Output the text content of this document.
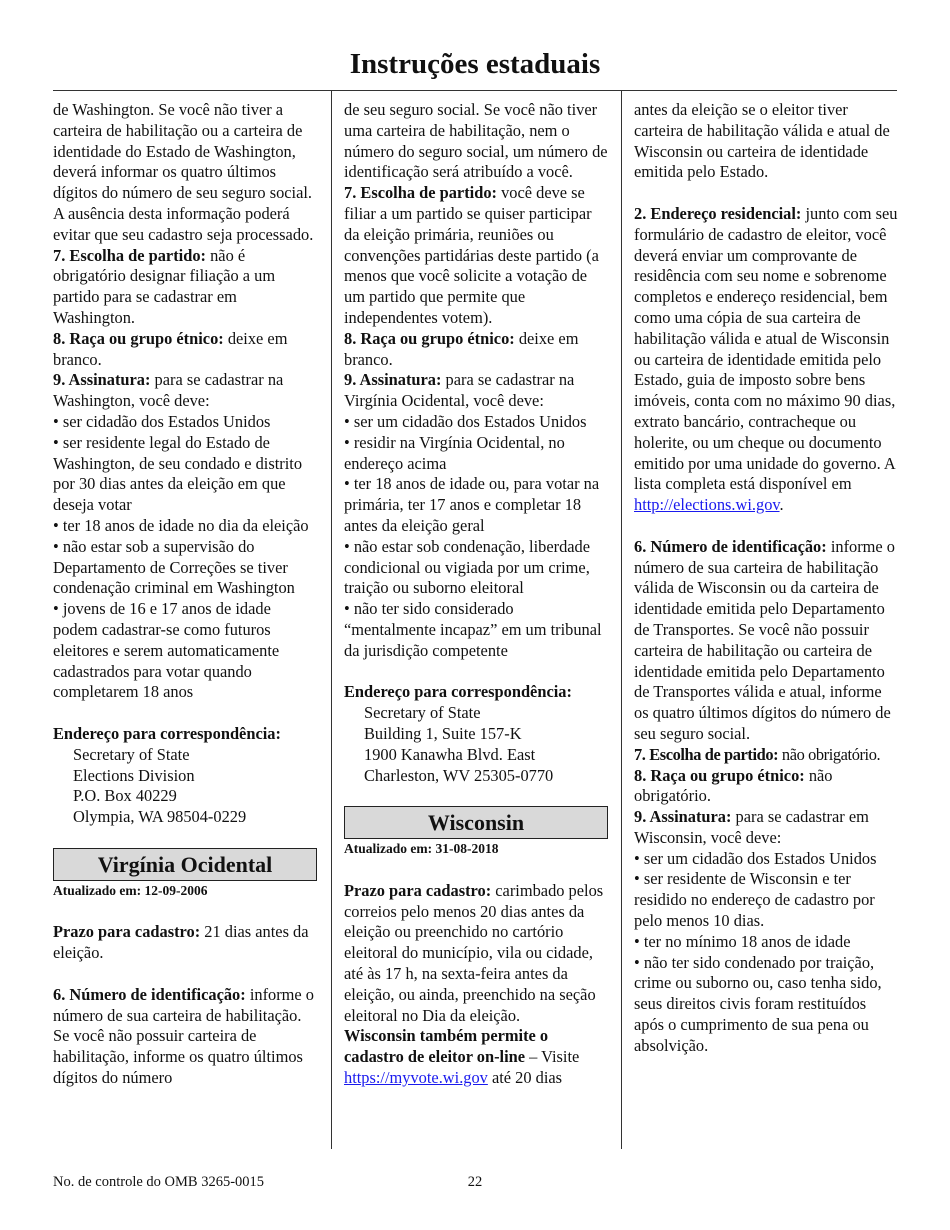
Instruções estaduais

de Washington. Se você não tiver a carteira de habilitação ou a carteira de identidade do Estado de Washington, deverá informar os quatro últimos dígitos do número de seu seguro social. A ausência desta informação poderá evitar que seu cadastro seja processado.

7. Escolha de partido: não é obrigatório designar filiação a um partido para se cadastrar em Washington.

8. Raça ou grupo étnico: deixe em branco.

9. Assinatura: para se cadastrar na Washington, você deve:

• ser cidadão dos Estados Unidos

• ser residente legal do Estado de Washington, de seu condado e distrito por 30 dias antes da eleição em que deseja votar

• ter 18 anos de idade no dia da eleição

• não estar sob a supervisão do Departamento de Correções se tiver condenação criminal em Washington

• jovens de 16 e 17 anos de idade podem cadastrar-se como futuros eleitores e serem automaticamente cadastrados para votar quando completarem 18 anos

Endereço para correspondência:

Secretary of State

Elections Division

P.O. Box 40229

Olympia, WA 98504-0229

Virgínia Ocidental

Atualizado em: 12-09-2006

Prazo para cadastro: 21 dias antes da eleição.

6. Número de identificação: informe o número de sua carteira de habilitação. Se você não possuir carteira de habilitação, informe os quatro últimos dígitos do número

de seu seguro social. Se você não tiver uma carteira de habilitação, nem o número do seguro social, um número de identificação será atribuído a você.

7. Escolha de partido: você deve se filiar a um partido se quiser participar da eleição primária, reuniões ou convenções partidárias deste partido (a menos que você solicite a votação de um partido que permite que independentes votem).

8. Raça ou grupo étnico: deixe em branco.

9. Assinatura: para se cadastrar na Virgínia Ocidental, você deve:

• ser um cidadão dos Estados Unidos

• residir na Virgínia Ocidental, no endereço acima

• ter 18 anos de idade ou, para votar na primária, ter 17 anos e completar 18 antes da eleição geral

• não estar sob condenação, liberdade condicional ou vigiada por um crime, traição ou suborno eleitoral

• não ter sido considerado “mentalmente incapaz” em um tribunal da jurisdição competente

Endereço para correspondência:

Secretary of State

Building 1, Suite 157-K

1900 Kanawha Blvd. East

Charleston, WV 25305-0770

Wisconsin

Atualizado em: 31-08-2018

Prazo para cadastro: carimbado pelos correios pelo menos 20 dias antes da eleição ou preenchido no cartório eleitoral do município, vila ou cidade, até às 17 h, na sexta-feira antes da eleição, ou ainda, preenchido na seção eleitoral no Dia da eleição.

Wisconsin também permite o cadastro de eleitor on-line – Visite https://myvote.wi.gov até 20 dias

antes da eleição se o eleitor tiver carteira de habilitação válida e atual de Wisconsin ou carteira de identidade emitida pelo Estado.

2. Endereço residencial: junto com seu formulário de cadastro de eleitor, você deverá enviar um comprovante de residência com seu nome e sobrenome completos e endereço residencial, bem como uma cópia de sua carteira de habilitação válida e atual de Wisconsin ou carteira de identidade emitida pelo Estado, guia de imposto sobre bens imóveis, conta com no máximo 90 dias, extrato bancário, contracheque ou holerite, ou um cheque ou documento emitido por uma unidade do governo. A lista completa está disponível em http://elections.wi.gov.

6. Número de identificação: informe o número de sua carteira de habilitação válida de Wisconsin ou da carteira de identidade emitida pelo Departamento de Transportes. Se você não possuir carteira de habilitação ou carteira de identidade emitida pelo Departamento de Transportes válida e atual, informe os quatro últimos dígitos do número de seu seguro social.

7. Escolha de partido: não obrigatório.

8. Raça ou grupo étnico: não obrigatório.

9. Assinatura: para se cadastrar em Wisconsin, você deve:

• ser um cidadão dos Estados Unidos

• ser residente de Wisconsin e ter residido no endereço de cadastro por pelo menos 10 dias.

• ter no mínimo 18 anos de idade

• não ter sido condenado por traição, crime ou suborno ou, caso tenha sido, seus direitos civis foram restituídos após o cumprimento de sua pena ou absolvição.

No. de controle do OMB 3265-0015	22
